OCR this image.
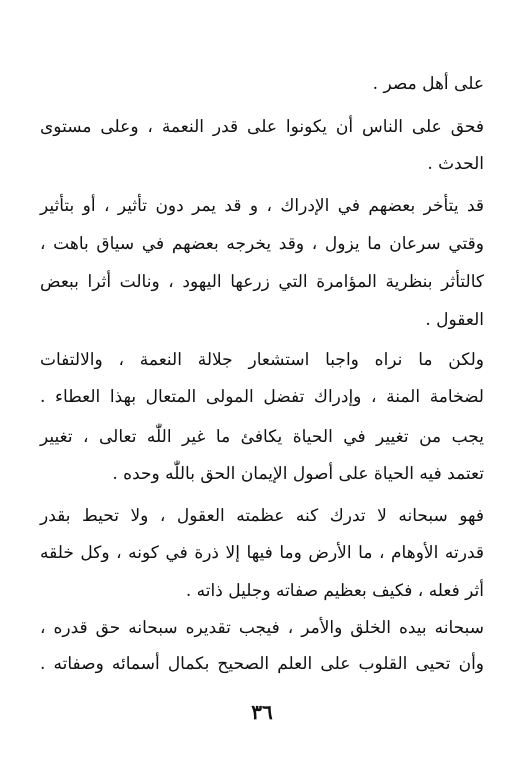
على أهل مصر .
فحق على الناس أن يكونوا على قدر النعمة ، وعلى مستوى
الحدث .
قد يتأخر بعضهم في الإدراك ، و قد يمر دون تأثير ، أو بتأثير
وقتي سرعان ما يزول ، وقد يخرجه بعضهم في سياق باهت ،
كالتأثر بنظرية المؤامرة التي زرعها اليهود ، ونالت أثرا ببعض
العقول .
ولكن ما نراه واجبا استشعار جلالة النعمة ، والالتفات
لضخامة المنة ، وإدراك تفضل المولى المتعال بهذا العطاء .
يجب من تغيير في الحياة يكافئ ما غير اللّٰه تعالى ، تغيير
تعتمد فيه الحياة على أصول الإيمان الحق باللّٰه وحده .
فهو سبحانه لا تدرك كنه عظمته العقول ، ولا تحيط بقدر
قدرته الأوهام ، ما الأرض وما فيها إلا ذرة في كونه ، وكل خلقه
أثر فعله ، فكيف بعظيم صفاته وجليل ذاته .
سبحانه بيده الخلق والأمر ، فيجب تقديره سبحانه حق قدره ،
وأن تحيى القلوب على العلم الصحيح بكمال أسمائه وصفاته .
٣٦
